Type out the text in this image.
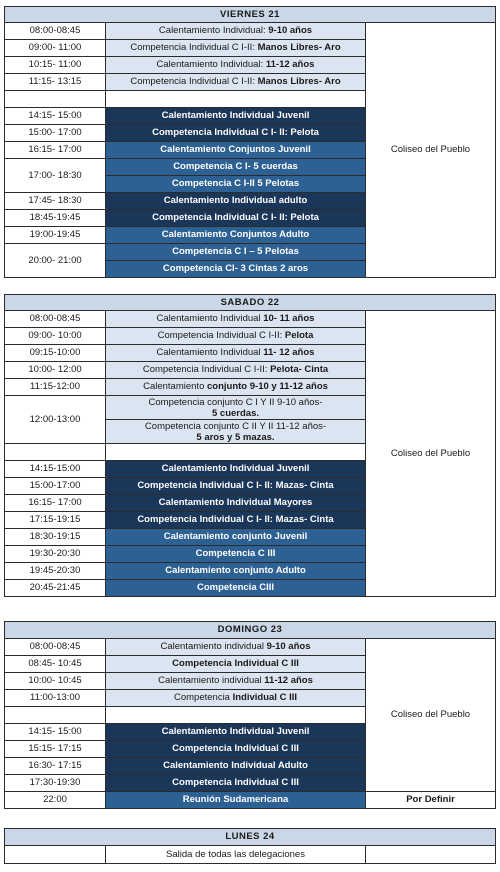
VIERNES 21		
08:00-08:45	Calentamiento Individual: 9-10 años	Coliseo del Pueblo
09:00- 11:00	Competencia Individual C I-II: Manos Libres- Aro	
10:15- 11:00	Calentamiento Individual: 11-12 años	
11:15- 13:15	Competencia Individual C I-II: Manos Libres- Aro	

14:15- 15:00	Calentamiento Individual Juvenil	
15:00- 17:00	Competencia Individual C I- II: Pelota	
16:15- 17:00	Calentamiento Conjuntos Juvenil	
17:00- 18:30	Competencia C I- 5 cuerdas	
	Competencia C I-II 5 Pelotas	
17:45- 18:30	Calentamiento Individual adulto	
18:45-19:45	Competencia Individual C I- II: Pelota	
19:00-19:45	Calentamiento Conjuntos Adulto	
20:00- 21:00	Competencia C I – 5 Pelotas	
	Competencia CI- 3 Cintas 2 aros	
SABADO 22		
08:00-08:45	Calentamiento Individual 10- 11 años	Coliseo del Pueblo
09:00- 10:00	Competencia Individual C I-II: Pelota	
09:15-10:00	Calentamiento Individual 11- 12 años	
10:00- 12:00	Competencia Individual C I-II: Pelota- Cinta	
11:15-12:00	Calentamiento conjunto 9-10 y 11-12 años	
12:00-13:00	Competencia conjunto C I Y II 9-10 años-
5 cuerdas.	
	Competencia conjunto C II Y II 11-12 años-
5 aros y 5 mazas.	

14:15-15:00	Calentamiento Individual Juvenil	
15:00-17:00	Competencia Individual C I- II: Mazas- Cinta	
16:15- 17:00	Calentamiento Individual Mayores	
17:15-19:15	Competencia Individual C I- II: Mazas- Cinta	
18:30-19:15	Calentamiento conjunto Juvenil	
19:30-20:30	Competencia C III	
19:45-20:30	Calentamiento conjunto Adulto	
20:45-21:45	Competencia CIII	
DOMINGO 23		
08:00-08:45	Calentamiento individual 9-10 años	Coliseo del Pueblo
08:45- 10:45	Competencia Individual C III	
10:00- 10:45	Calentamiento individual 11-12 años	
11:00-13:00	Competencia Individual C III	

14:15- 15:00	Calentamiento Individual Juvenil	
15:15- 17:15	Competencia Individual C III	
16:30- 17:15	Calentamiento Individual Adulto	
17:30-19:30	Competencia Individual C III	
22:00	Reunión Sudamericana	Por Definir
LUNES 24
	Salida de todas las delegaciones	
